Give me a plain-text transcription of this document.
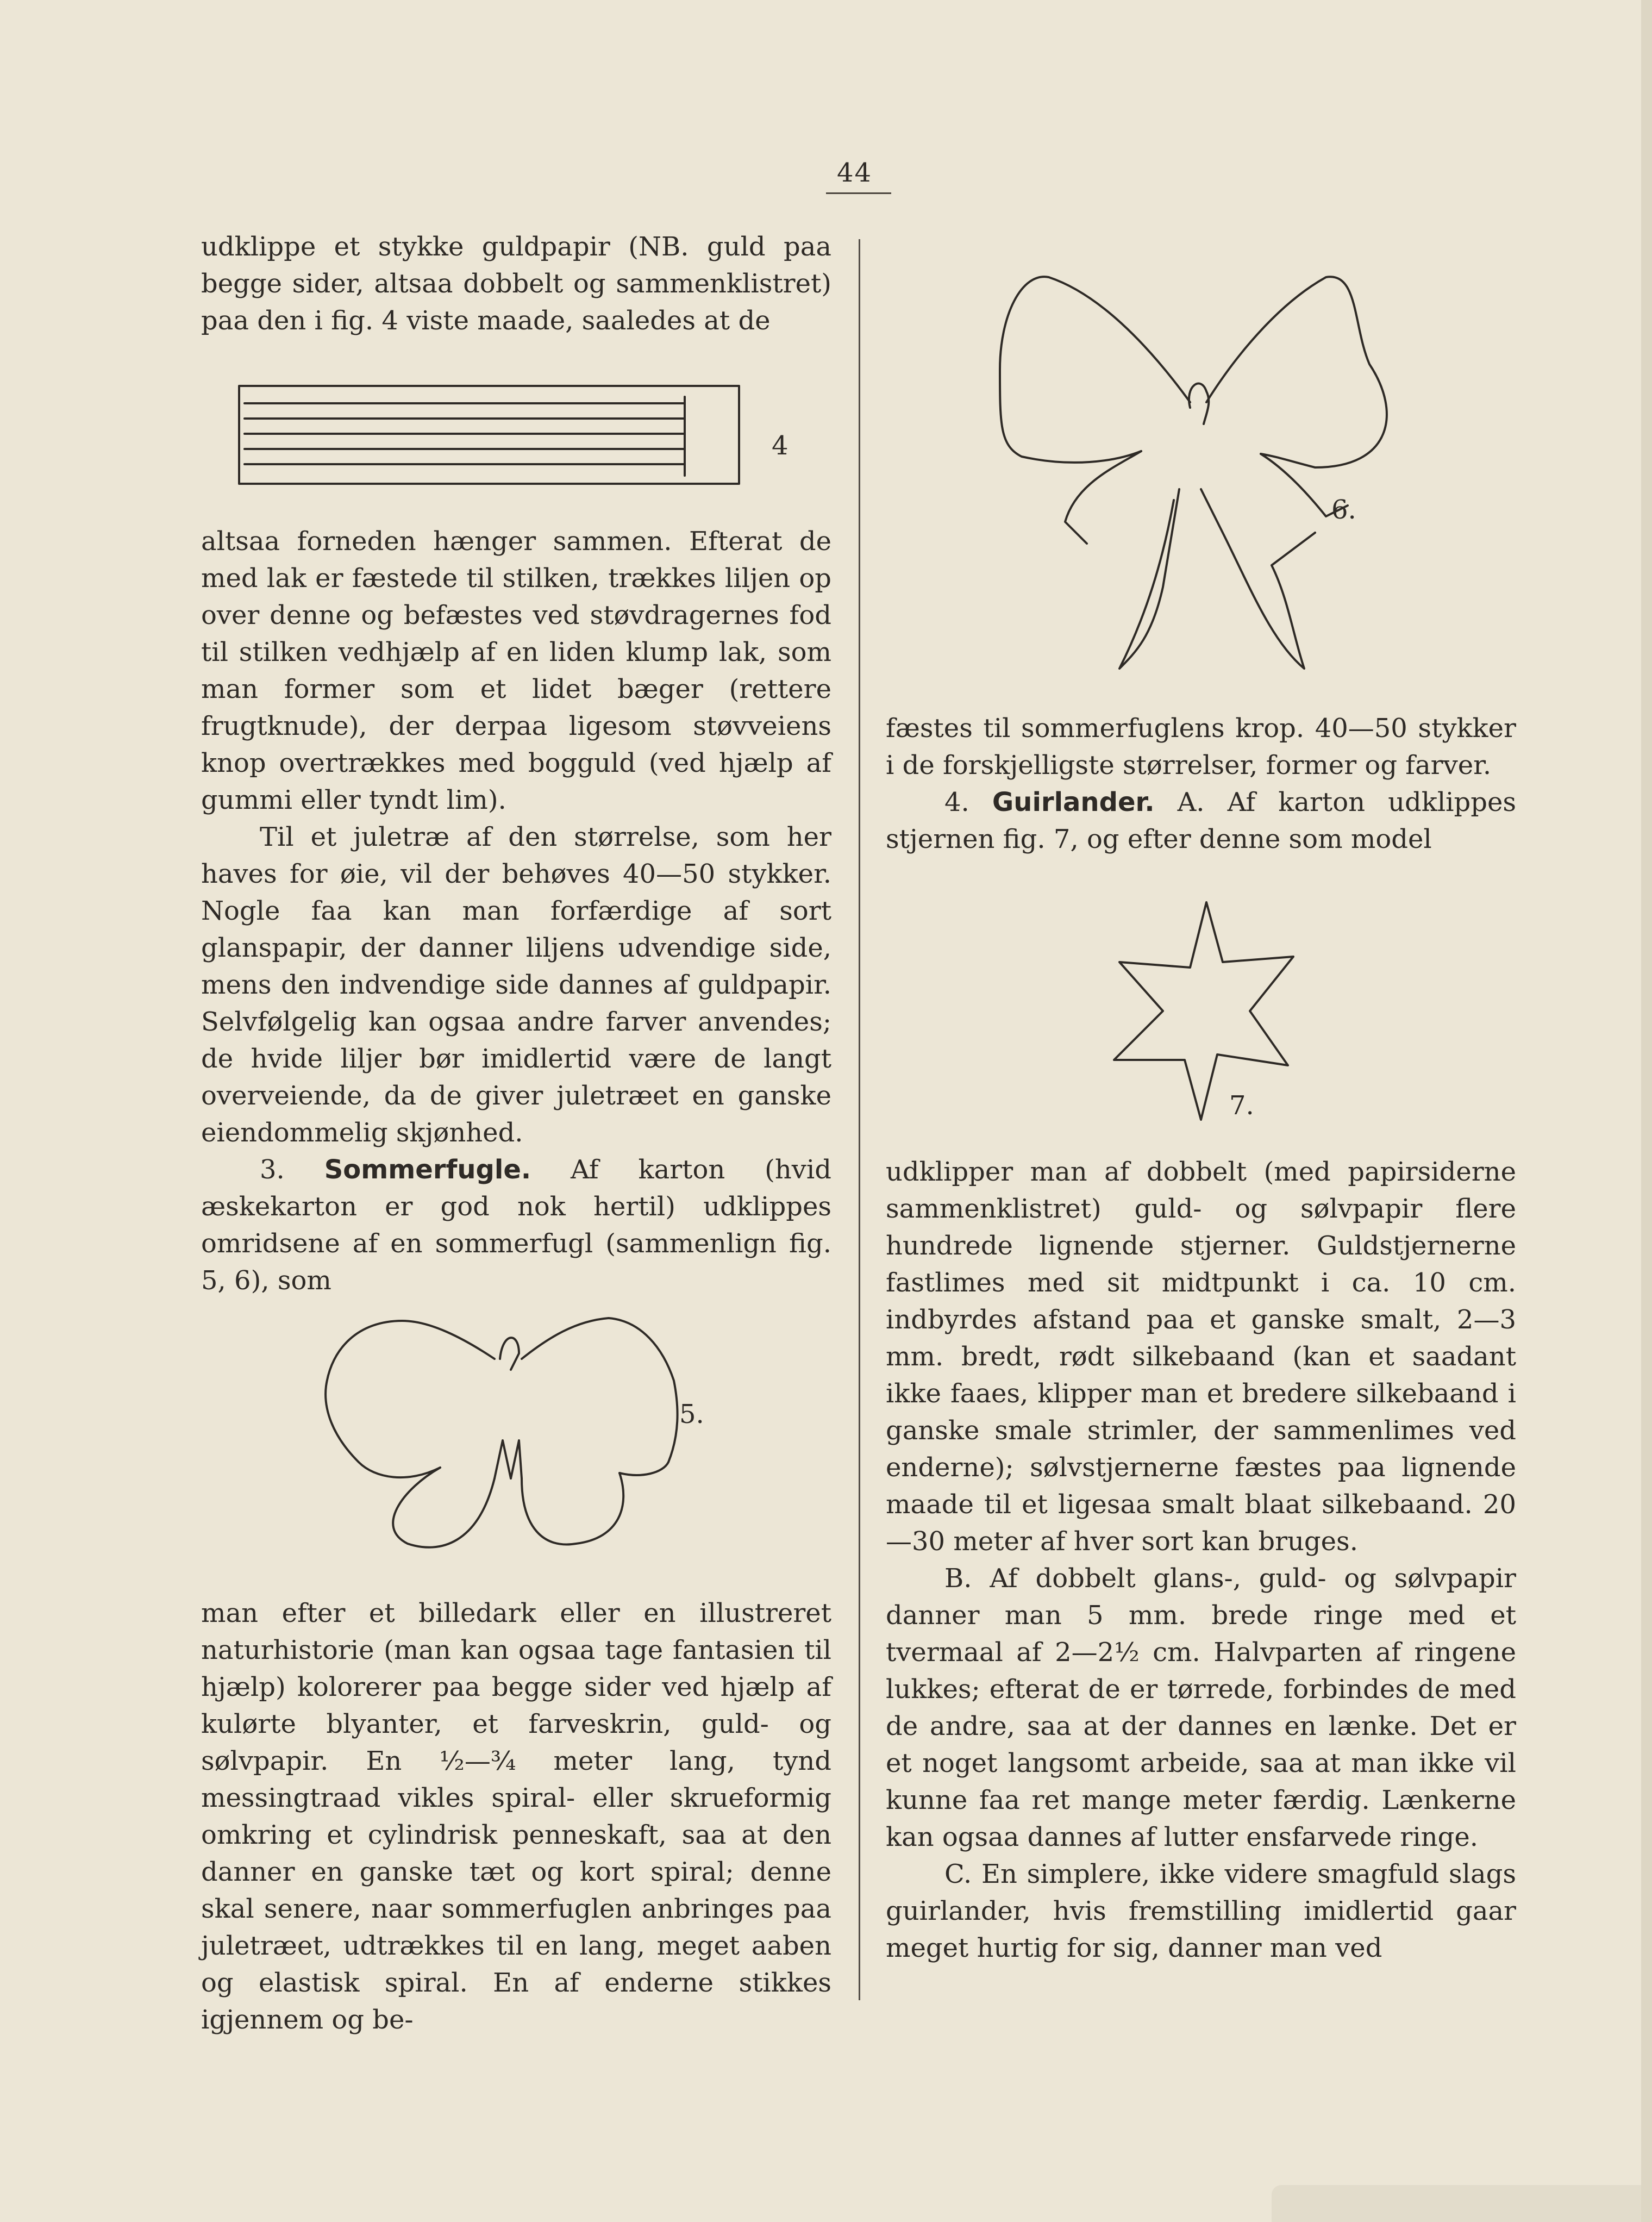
44

udklippe et stykke guldpapir (NB. guld paa begge sider, altsaa dobbelt og sammenklistret) paa den i fig. 4 viste maade, saaledes at de

4

altsaa forneden hænger sammen. Efterat de med lak er fæstede til stilken, trækkes liljen op over denne og befæstes ved støvdragernes fod til stilken vedhjælp af en liden klump lak, som man former som et lidet bæger (rettere frugtknude), der derpaa ligesom støvveiens knop overtrækkes med bogguld (ved hjælp af gummi eller tyndt lim).

Til et juletræ af den størrelse, som her haves for øie, vil der behøves 40—50 stykker. Nogle faa kan man forfærdige af sort glanspapir, der danner liljens udvendige side, mens den indvendige side dannes af guldpapir. Selvfølgelig kan ogsaa andre farver anvendes; de hvide liljer bør imidlertid være de langt overveiende, da de giver juletræet en ganske eiendommelig skjønhed.

3. Sommerfugle. Af karton (hvid æskekarton er god nok hertil) udklippes omridsene af en sommerfugl (sammenlign fig. 5, 6), som

5.

man efter et billedark eller en illustreret naturhistorie (man kan ogsaa tage fantasien til hjælp) kolorerer paa begge sider ved hjælp af kulørte blyanter, et farveskrin, guld- og sølvpapir. En ½—¾ meter lang, tynd messingtraad vikles spiral- eller skrueformig omkring et cylindrisk penneskaft, saa at den danner en ganske tæt og kort spiral; denne skal senere, naar sommerfuglen anbringes paa juletræet, udtrækkes til en lang, meget aaben og elastisk spiral. En af enderne stikkes igjennem og be-

6.

fæstes til sommerfuglens krop. 40—50 stykker i de forskjelligste størrelser, former og farver.

4. Guirlander. A. Af karton udklippes stjernen fig. 7, og efter denne som model

7.

udklipper man af dobbelt (med papirsiderne sammenklistret) guld- og sølvpapir flere hundrede lignende stjerner. Guldstjernerne fastlimes med sit midtpunkt i ca. 10 cm. indbyrdes afstand paa et ganske smalt, 2—3 mm. bredt, rødt silkebaand (kan et saadant ikke faaes, klipper man et bredere silkebaand i ganske smale strimler, der sammenlimes ved enderne); sølvstjernerne fæstes paa lignende maade til et ligesaa smalt blaat silkebaand. 20—30 meter af hver sort kan bruges.

B. Af dobbelt glans-, guld- og sølvpapir danner man 5 mm. brede ringe med et tvermaal af 2—2½ cm. Halvparten af ringene lukkes; efterat de er tørrede, forbindes de med de andre, saa at der dannes en lænke. Det er et noget langsomt arbeide, saa at man ikke vil kunne faa ret mange meter færdig. Lænkerne kan ogsaa dannes af lutter ensfarvede ringe.

C. En simplere, ikke videre smagfuld slags guirlander, hvis fremstilling imidlertid gaar meget hurtig for sig, danner man ved
